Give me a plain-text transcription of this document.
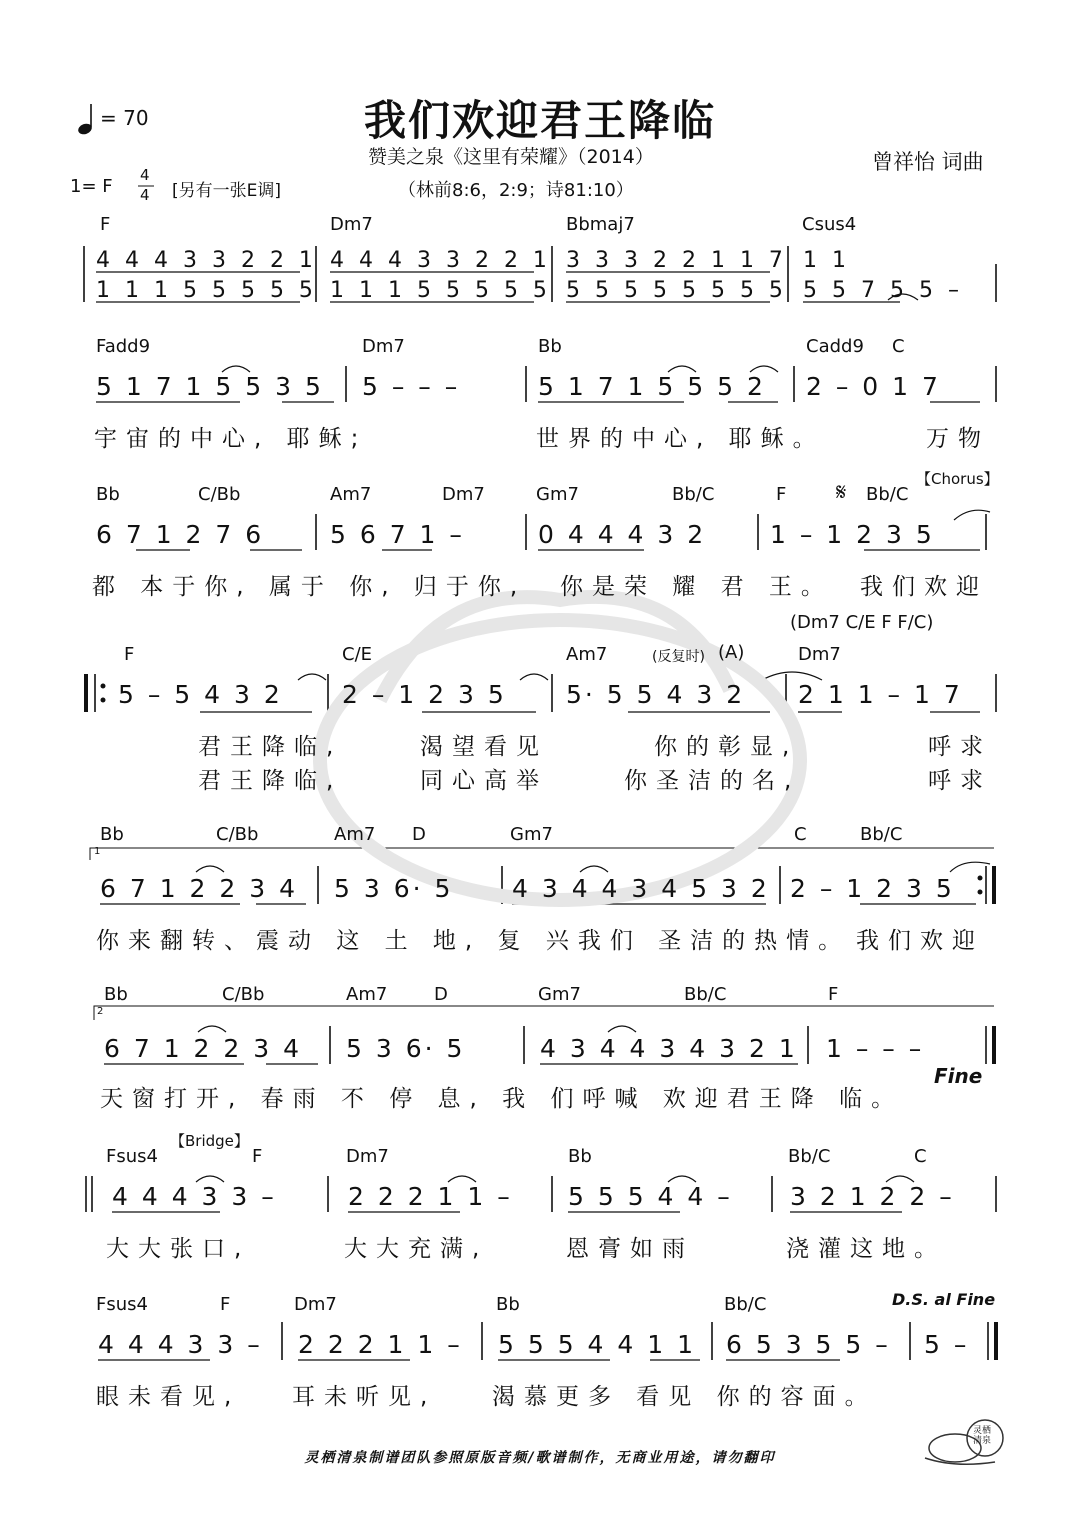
我们欢迎君王降临
赞美之泉《这里有荣耀》（2014）
（林前8:6，2:9；诗81:10）
曾祥怡 词曲
= 70
1= F
4
4 [另有一张E调]
F	Dm7	Bbmaj7	Csus4
4 4 4 3 3 2 2 1 4 4 4 3 3 2 2 1 3 3 3 2 2 1 1 7 1 1
1 1 1 5 5 5 5 5 1 1 1 5 5 5 5 5 5 5 5 5 5 5 5 5 5 5 7 5 5 –
Fadd9	Dm7	Bb	Cadd9 C
5 1 7 1 5 5 3 5 5 – – –	5 1 7 1 5 5 5 2 2 – 0 1 7
宇宙的中心, 耶稣;	世界的中心, 耶稣。	万物
Bb	C/Bb	Am7	Dm7	Gm7	Bb/C	F	Bb/C
6 7 1 2 7 6	5 6 7 1 –	0 4 4 4 3 2	1 – 1 2 3 5
都 本于你, 属于 你, 归于你, 你是荣 耀 君 王。 我们欢迎
𝄋	【Chorus】
F	C/E	Am7	Dm7
5 – 5 4 3 2 2 – 1 2 3 5 5· 5 5 4 3 2 2 1 1 – 1 7
君王降临,	渴望看见	你的彰显,	呼求
君王降临,	同心高举	你圣洁的名,	呼求
(Dm7 C/E F F/C)
(反复时) (A)
Bb	C/Bb	Am7 D	Gm7	C	Bb/C
6 7 1 2 2 3 4 5 3 6· 5 4 3 4 4 3 4 5 3 2 2 – 1 2 3 5
你来翻转、震动 这 土 地, 复 兴我们 圣洁的热情。 我们欢迎
1
Bb	C/Bb	Am7	D	Gm7	Bb/C	F
6 7 1 2 2 3 4 5 3 6· 5	4 3 4 4 3 4 3 2 1 1 – – –
天窗打开, 春雨 不 停 息, 我 们呼喊 欢迎君王降 临。
2
Fine
Fsus4	F	Dm7	Bb	Bb/C	C
4 4 4 3 3 –	2 2 2 1 1 – 5 5 5 4 4 – 3 2 1 2 2 –
大大张口,	大大充满,	恩膏如雨	浇灌这地。
【Bridge】
Fsus4	F	Dm7	Bb	Bb/C
4 4 4 3 3 – 2 2 2 1 1 – 5 5 5 4 4 1 1 6 5 3 5 5 – 5 –
眼未看见, 耳未听见, 渴慕更多 看见 你的容面。
D.S. al Fine
灵栖清泉制谱团队参照原版音频/歌谱制作，无商业用途，请勿翻印
灵栖清泉
